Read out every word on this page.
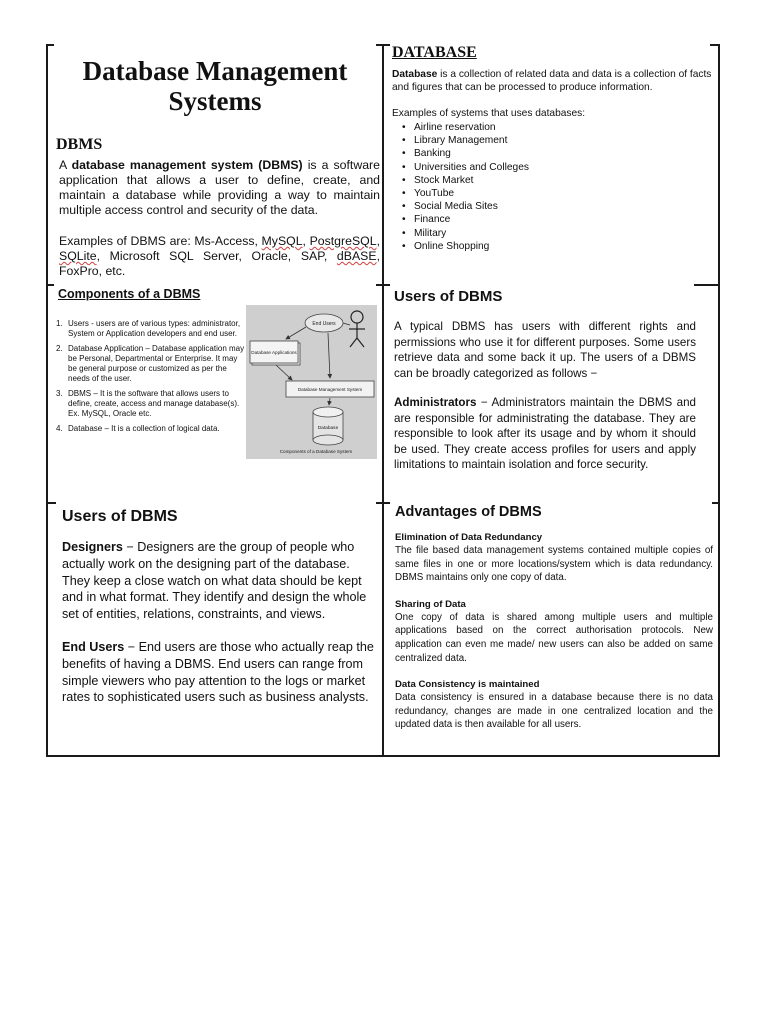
Database Management
Systems
DBMS

A database management system (DBMS) is a software application that allows a user to define, create, and maintain a database while providing a way to maintain multiple access control and security of the data.

Examples of DBMS are: Ms-Access, MySQL, PostgreSQL, SQLite, Microsoft SQL Server, Oracle, SAP, dBASE, FoxPro, etc.

DATABASE

Database is a collection of related data and data is a collection of facts and figures that can be processed to produce information.

Examples of systems that uses databases:

• Airline reservation
• Library Management
• Banking
• Universities and Colleges
• Stock Market
• YouTube
• Social Media Sites
• Finance
• Military
• Online Shopping
Components of a DBMS
1. Users - users are of various types: administrator, System or Application developers and end user.
2. Database Application – Database application may be Personal, Departmental or Enterprise. It may be general purpose or customized as per the needs of the user.
3. DBMS – It is the software that allows users to define, create, access and manage database(s). Ex. MySQL, Oracle etc.
4. Database – It is a collection of logical data.
End Users
Database Applications
Database Management System
Database
Components of a Database System
Users of DBMS

A typical DBMS has users with different rights and permissions who use it for different purposes. Some users retrieve data and some back it up. The users of a DBMS can be broadly categorized as follows −

Administrators − Administrators maintain the DBMS and are responsible for administrating the database. They are responsible to look after its usage and by whom it should be used. They create access profiles for users and apply limitations to maintain isolation and force security.

Users of DBMS

Designers − Designers are the group of people who actually work on the designing part of the database. They keep a close watch on what data should be kept and in what format. They identify and design the whole set of entities, relations, constraints, and views.

End Users − End users are those who actually reap the benefits of having a DBMS. End users can range from simple viewers who pay attention to the logs or market rates to sophisticated users such as business analysts.

Advantages of DBMS
Elimination of Data Redundancy

The file based data management systems contained multiple copies of same files in one or more locations/system which is data redundancy. DBMS maintains only one copy of data.

Sharing of Data

One copy of data is shared among multiple users and multiple applications based on the correct authorisation protocols. New application can even me made/ new users can also be added on same centralized data.

Data Consistency is maintained

Data consistency is ensured in a database because there is no data redundancy, changes are made in one centralized location and the updated data is then available for all users.
